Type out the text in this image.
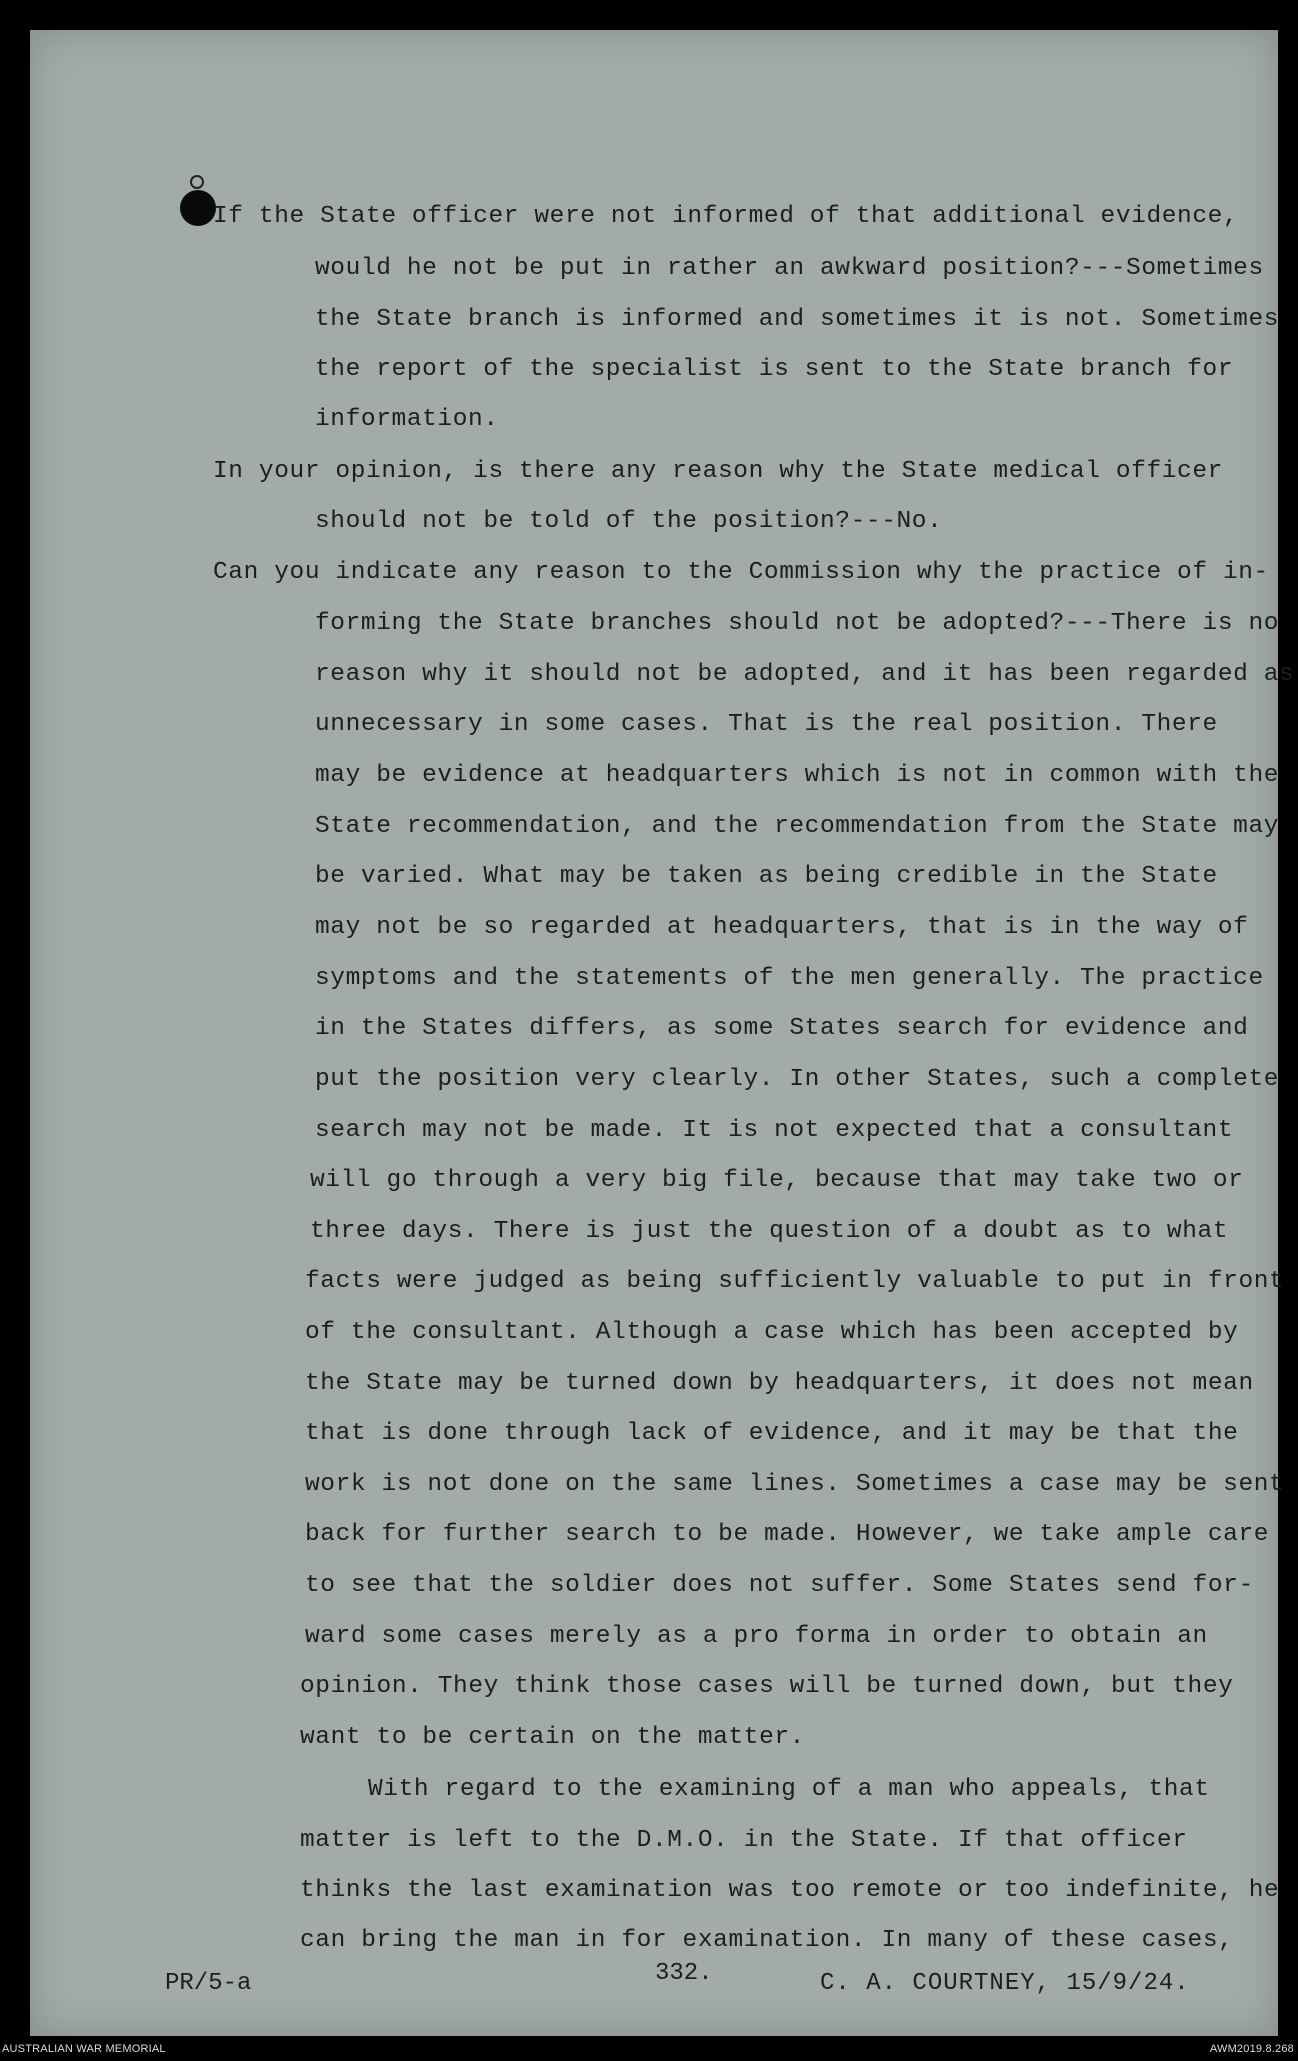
If the State officer were not informed of that additional evidence,
would he not be put in rather an awkward position?---Sometimes
the State branch is informed and sometimes it is not. Sometimes
the report of the specialist is sent to the State branch for
information.
In your opinion, is there any reason why the State medical officer
should not be told of the position?---No.
Can you indicate any reason to the Commission why the practice of in-
forming the State branches should not be adopted?---There is no
reason why it should not be adopted, and it has been regarded as
unnecessary in some cases. That is the real position. There
may be evidence at headquarters which is not in common with the
State recommendation, and the recommendation from the State may
be varied. What may be taken as being credible in the State
may not be so regarded at headquarters, that is in the way of
symptoms and the statements of the men generally. The practice
in the States differs, as some States search for evidence and
put the position very clearly. In other States, such a complete
search may not be made. It is not expected that a consultant
will go through a very big file, because that may take two or
three days. There is just the question of a doubt as to what
facts were judged as being sufficiently valuable to put in front
of the consultant. Although a case which has been accepted by
the State may be turned down by headquarters, it does not mean
that is done through lack of evidence, and it may be that the
work is not done on the same lines. Sometimes a case may be sent
back for further search to be made. However, we take ample care
to see that the soldier does not suffer. Some States send for-
ward some cases merely as a pro forma in order to obtain an
opinion. They think those cases will be turned down, but they
want to be certain on the matter.
With regard to the examining of a man who appeals, that
matter is left to the D.M.O. in the State. If that officer
thinks the last examination was too remote or too indefinite, he
can bring the man in for examination. In many of these cases,
PR/5-a	332.	C. A. COURTNEY, 15/9/24.
AUSTRALIAN WAR MEMORIAL	AWM2019.8.268
